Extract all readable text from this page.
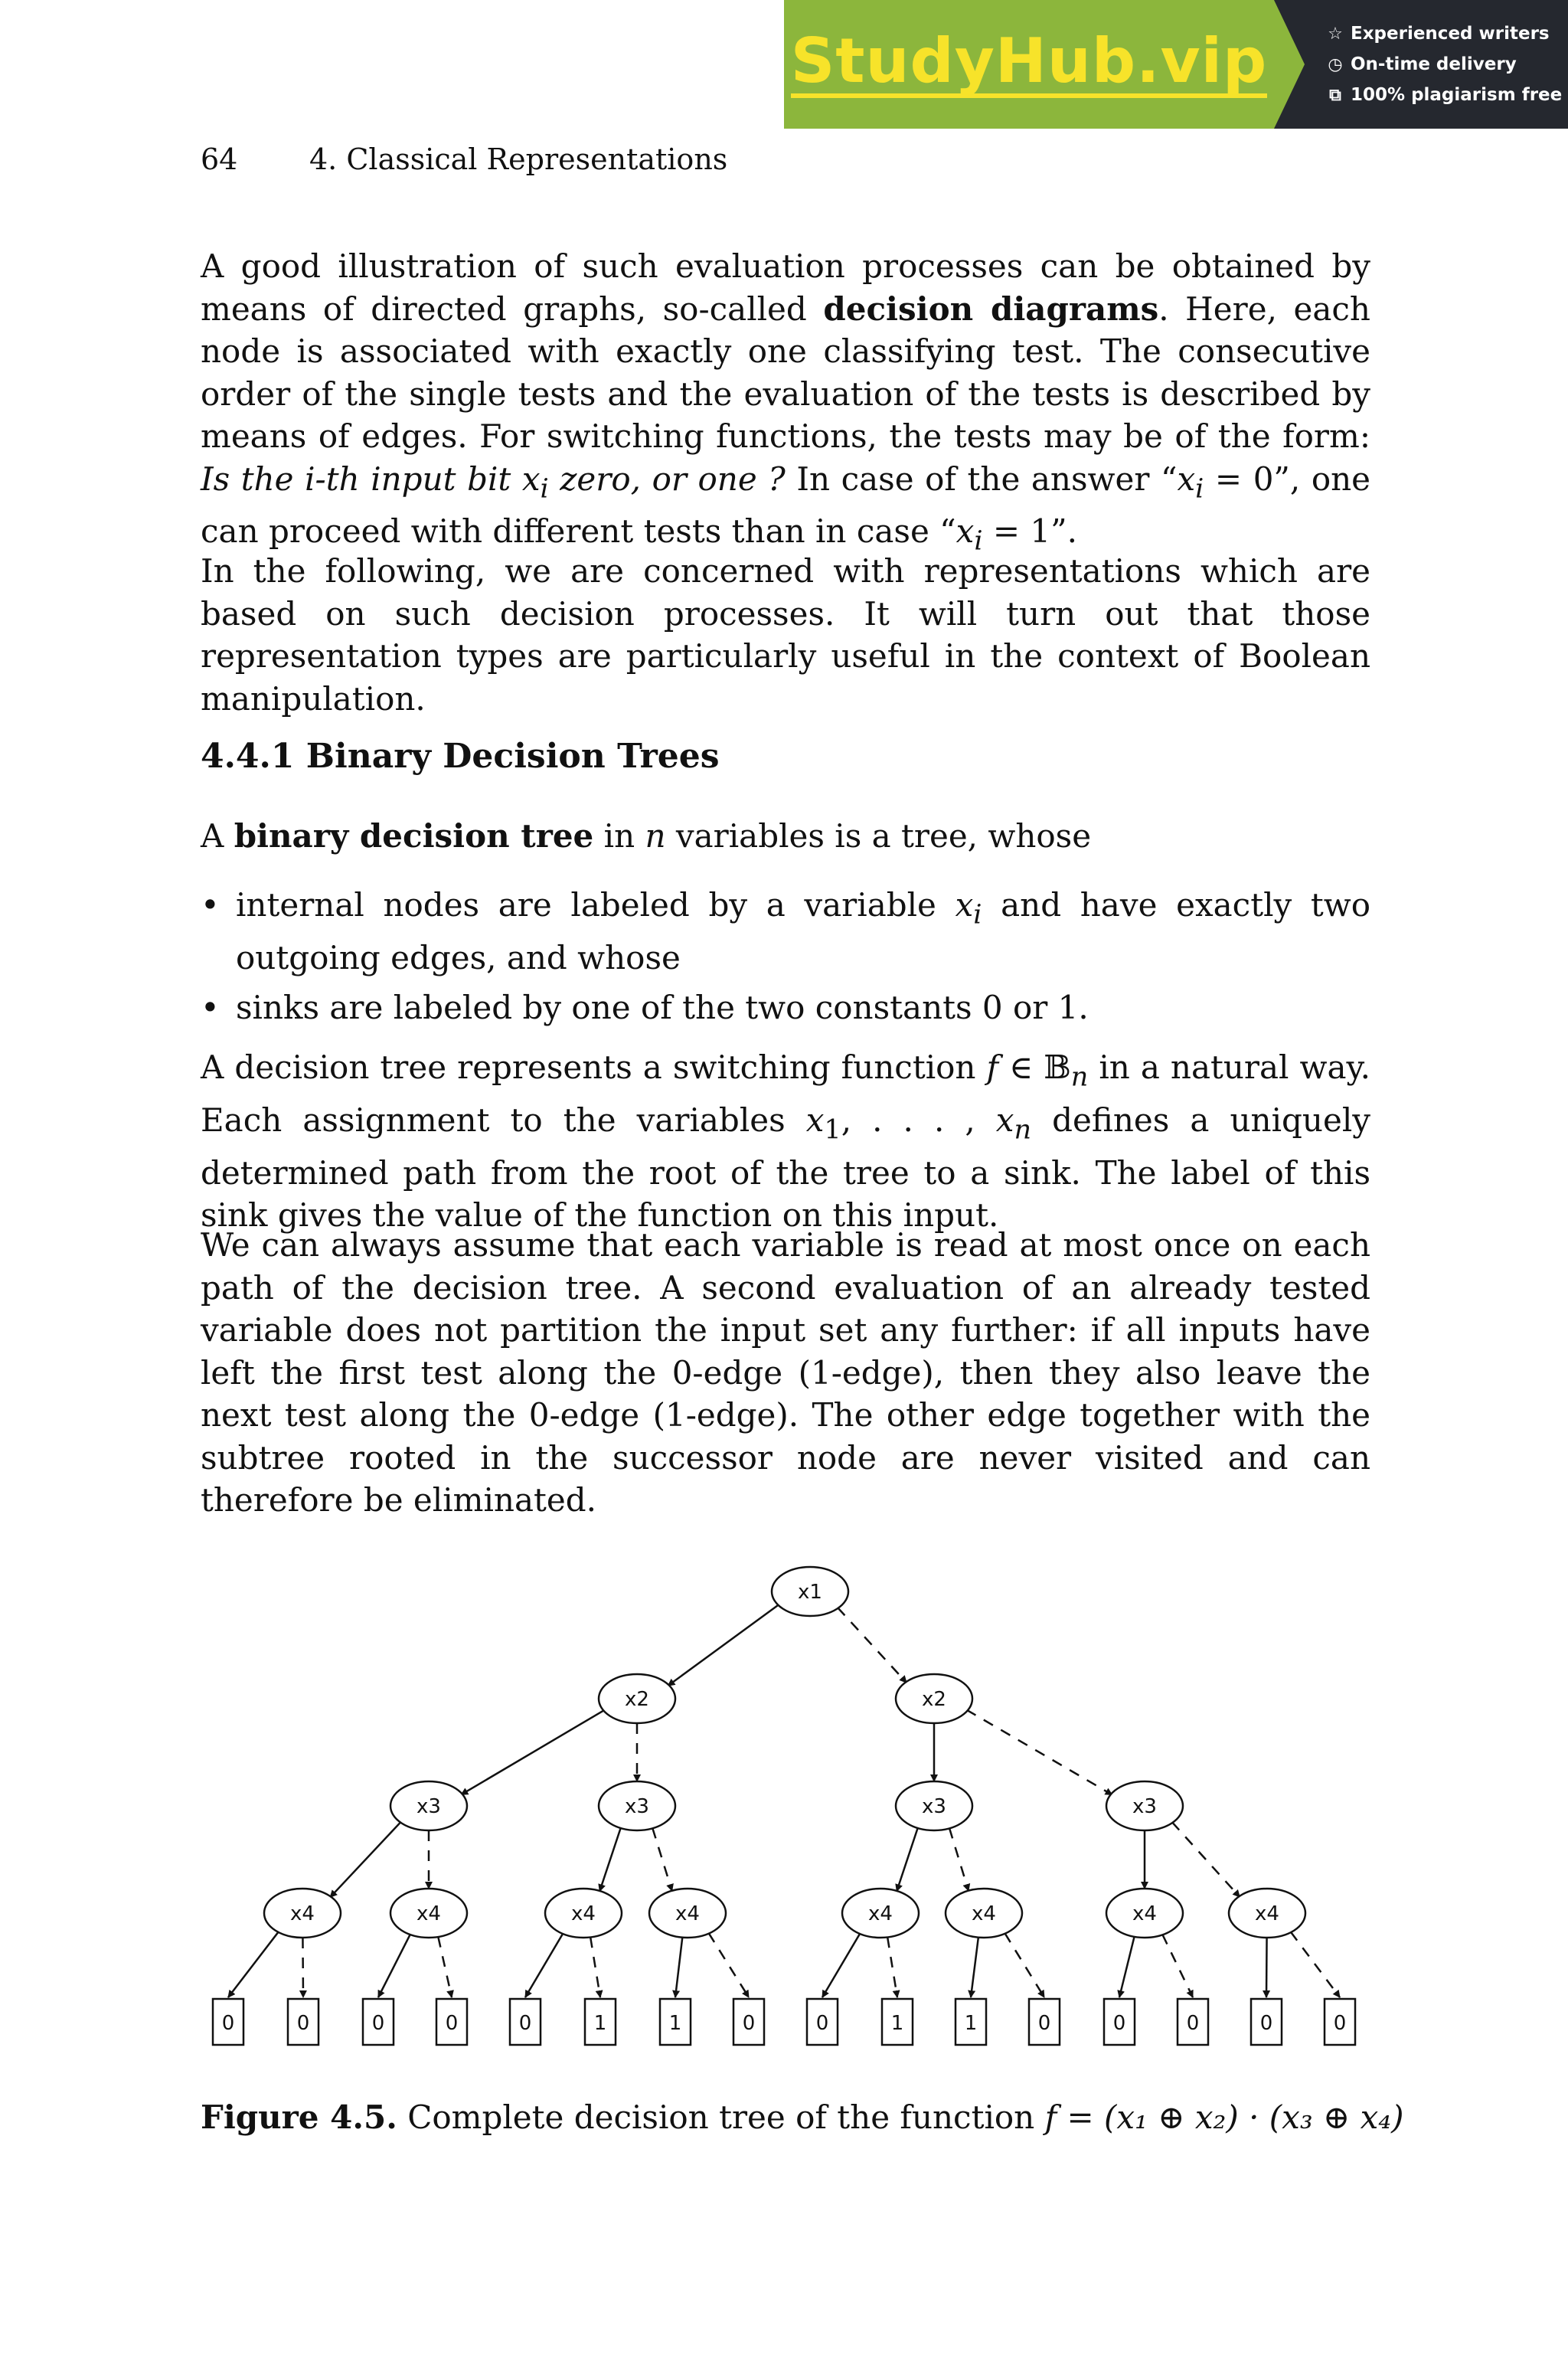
StudyHub.vip	☆ Experienced writers
◷ On-time delivery
⧉ 100% plagiarism free
64	4. Classical Representations

A good illustration of such evaluation processes can be obtained by means of directed graphs, so-called decision diagrams. Here, each node is associated with exactly one classifying test. The consecutive order of the single tests and the evaluation of the tests is described by means of edges. For switching functions, the tests may be of the form: Is the i-th input bit $x_i$ zero, or one ? In case of the answer “$x_i = 0$”, one can proceed with different tests than in case “$x_i = 1$”.

In the following, we are concerned with representations which are based on such decision processes. It will turn out that those representation types are particularly useful in the context of Boolean manipulation.

4.4.1 Binary Decision Trees

A binary decision tree in n variables is a tree, whose

• internal nodes are labeled by a variable $x_i$ and have exactly two outgoing edges, and whose
• sinks are labeled by one of the two constants 0 or 1.

A decision tree represents a switching function f ∈ 𝔹$_n$ in a natural way. Each assignment to the variables $x_1$, . . . , $x_n$ defines a uniquely determined path from the root of the tree to a sink. The label of this sink gives the value of the function on this input.

We can always assume that each variable is read at most once on each path of the decision tree. A second evaluation of an already tested variable does not partition the input set any further: if all inputs have left the first test along the 0-edge (1-edge), then they also leave the next test along the 0-edge (1-edge). The other edge together with the subtree rooted in the successor node are never visited and can therefore be eliminated.

x1
x2	x2
x3	x3	x3	x3
x4	x4	x4	x4	x4	x4	x4	x4
0	0	0	0	0	1	1	0	0	1	1	0	0	0	0	0
Figure 4.5. Complete decision tree of the function f = (x₁ ⊕ x₂) · (x₃ ⊕ x₄)
